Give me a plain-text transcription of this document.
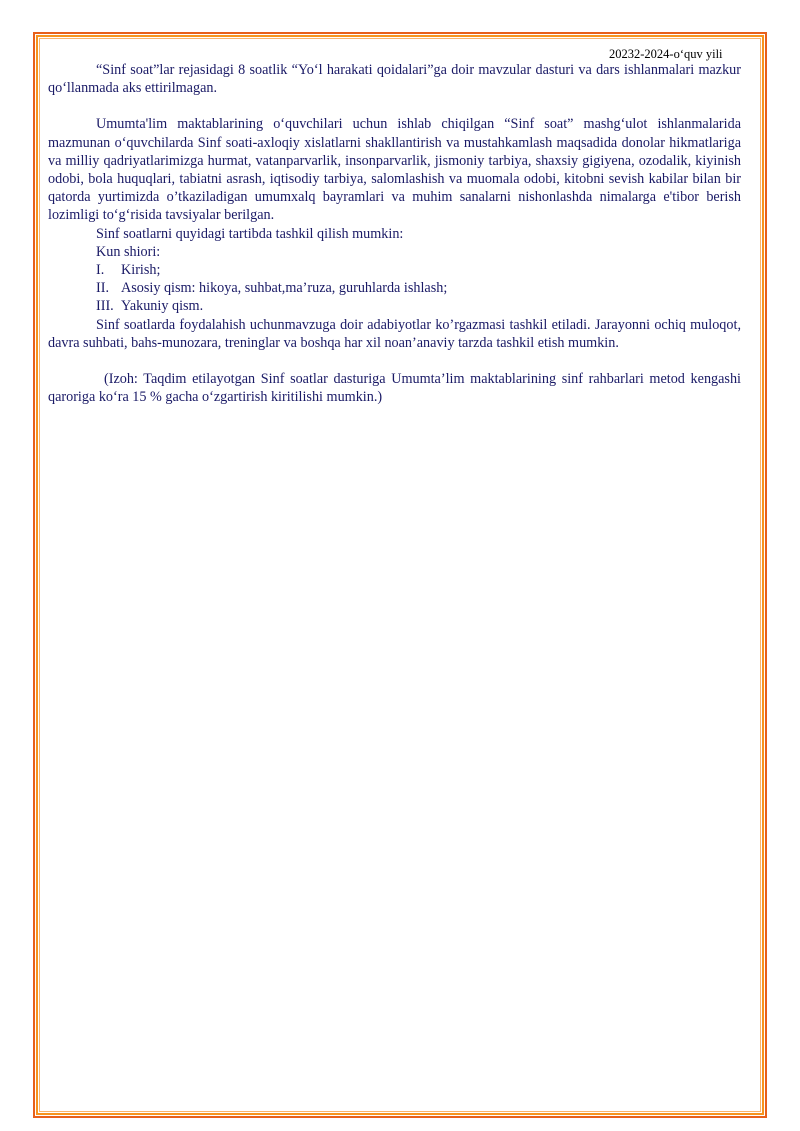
20232-2024-o‘quv yili

“Sinf soat”lar rejasidagi 8 soatlik “Yo‘l harakati qoidalari”ga doir mavzular dasturi va dars ishlanmalari mazkur qo‘llanmada aks ettirilmagan.

Umumta'lim maktablarining o‘quvchilari uchun ishlab chiqilgan “Sinf soat” mashg‘ulot ishlanmalarida mazmunan o‘quvchilarda Sinf soati-axloqiy xislatlarni shakllantirish va mustahkamlash maqsadida donolar hikmatlariga va milliy qadriyatlarimizga hurmat, vatanparvarlik, insonparvarlik, jismoniy tarbiya, shaxsiy gigiyena, ozodalik, kiyinish odobi, bola huquqlari, tabiatni asrash, iqtisodiy tarbiya, salomlashish va muomala odobi, kitobni sevish kabilar bilan bir qatorda yurtimizda o’tkaziladigan umumxalq bayramlari va muhim sanalarni nishonlashda nimalarga e'tibor berish lozimligi to‘g‘risida tavsiyalar berilgan.

Sinf soatlarni quyidagi tartibda tashkil qilish mumkin:

Kun shiori:

I.	Kirish;
II. Asosiy qism: hikoya, suhbat,ma’ruza, guruhlarda ishlash;
III. Yakuniy qism.

Sinf soatlarda foydalahish uchunmavzuga doir adabiyotlar ko’rgazmasi tashkil etiladi. Jarayonni ochiq muloqot, davra suhbati, bahs-munozara, treninglar va boshqa har xil noan’anaviy tarzda tashkil etish mumkin.

(Izoh: Taqdim etilayotgan Sinf soatlar dasturiga Umumta’lim maktablarining sinf rahbarlari metod kengashi qaroriga ko‘ra 15 % gacha o‘zgartirish kiritilishi mumkin.)
